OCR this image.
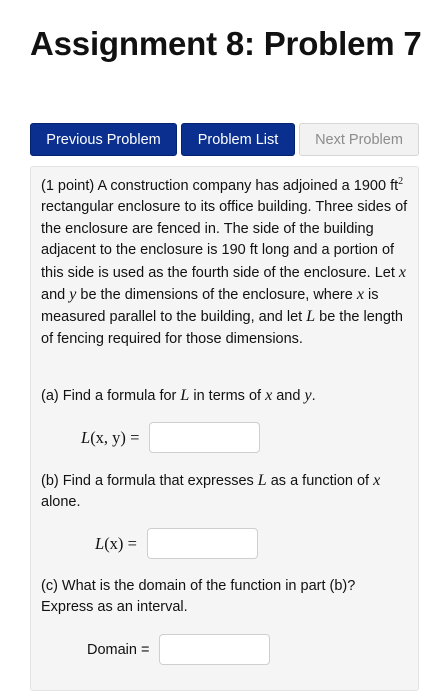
Assignment 8: Problem 7
Previous Problem	Problem List	Next Problem
(1 point) A construction company has adjoined a 1900 $ft^2$ rectangular enclosure to its office building. Three sides of the enclosure are fenced in. The side of the building adjacent to the enclosure is 190 ft long and a portion of this side is used as the fourth side of the enclosure. Let x and y be the dimensions of the enclosure, where x is measured parallel to the building, and let L be the length of fencing required for those dimensions.
(a) Find a formula for L in terms of x and y.
L(x, y) =
(b) Find a formula that expresses L as a function of x alone.
L(x) =
(c) What is the domain of the function in part (b)? Express as an interval.
Domain =
